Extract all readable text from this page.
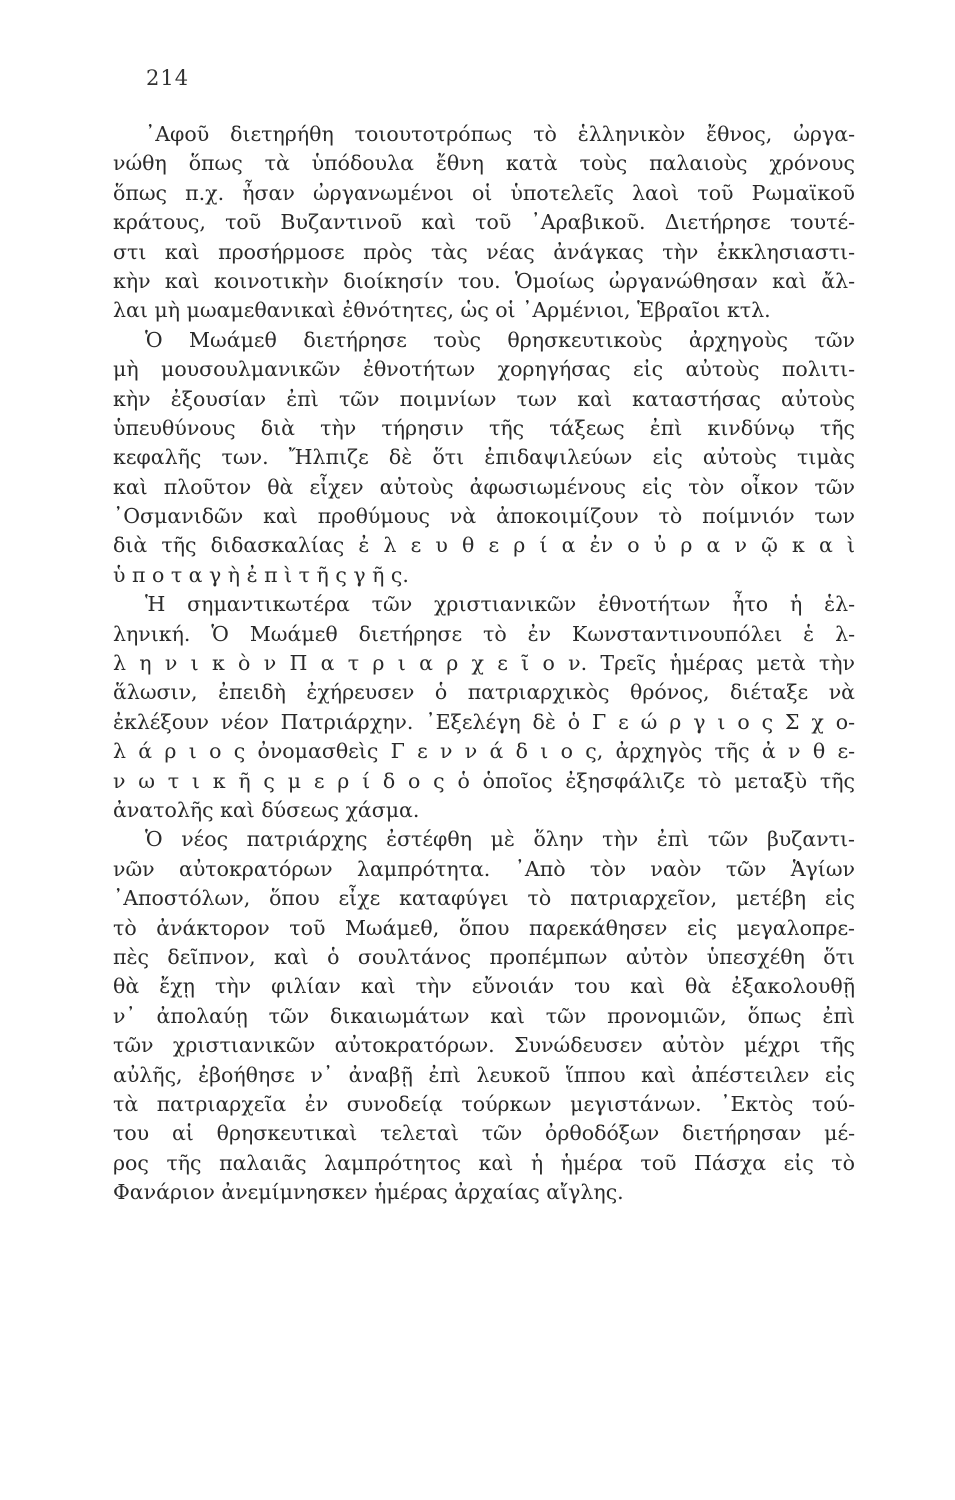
214
᾿Αφοῦ διετηρήθη τοιουτοτρόπως τὸ ἑλληνικὸν ἔθνος, ὠργα-
νώθη ὅπως τὰ ὑπόδουλα ἔθνη κατὰ τοὺς παλαιοὺς χρόνους
ὅπως π.χ. ἦσαν ὠργανωμένοι οἱ ὑποτελεῖς λαοὶ τοῦ Ρωμαϊκοῦ
κράτους, τοῦ Βυζαντινοῦ καὶ τοῦ ᾿Αραβικοῦ. Διετήρησε τουτέ-
στι καὶ προσήρμοσε πρὸς τὰς νέας ἀνάγκας τὴν ἐκκλησιαστι-
κὴν καὶ κοινοτικὴν διοίκησίν του. Ὁμοίως ὠργανώθησαν καὶ ἄλ-
λαι μὴ μωαμεθανικαὶ ἐθνότητες, ὡς οἱ ᾿Αρμένιοι, Ἑβραῖοι κτλ.
Ὁ Μωάμεθ διετήρησε τοὺς θρησκευτικοὺς ἀρχηγοὺς τῶν
μὴ μουσουλμανικῶν ἐθνοτήτων χορηγήσας εἰς αὐτοὺς πολιτι-
κὴν ἐξουσίαν ἐπὶ τῶν ποιμνίων των καὶ καταστήσας αὐτοὺς
ὑπευθύνους διὰ τὴν τήρησιν τῆς τάξεως ἐπὶ κινδύνῳ τῆς
κεφαλῆς των. Ἤλπιζε δὲ ὅτι ἐπιδαψιλεύων εἰς αὐτοὺς τιμὰς
καὶ πλοῦτον θὰ εἶχεν αὐτοὺς ἀφωσιωμένους εἰς τὸν οἶκον τῶν
᾿Οσμανιδῶν καὶ προθύμους νὰ ἀποκοιμίζουν τὸ ποίμνιόν των
διὰ τῆς διδασκαλίας ἐ λ ε υ θ ε ρ ί α ἐν ο ὐ ρ α ν ῷ κ α ὶ
ὑ π ο τ α γ ὴ ἐ π ὶ τ ῆ ς γ ῆ ς.
Ἡ σημαντικωτέρα τῶν χριστιανικῶν ἐθνοτήτων ἦτο ἡ ἑλ-
ληνική. Ὁ Μωάμεθ διετήρησε τὸ ἐν Κωνσταντινουπόλει ἑ λ-
λ η ν ι κ ὸ ν Π α τ ρ ι α ρ χ ε ῖ ο ν. Τρεῖς ἡμέρας μετὰ τὴν
ἅλωσιν, ἐπειδὴ ἐχήρευσεν ὁ πατριαρχικὸς θρόνος, διέταξε νὰ
ἐκλέξουν νέον Πατριάρχην. ᾿Εξελέγη δὲ ὁ Γ ε ώ ρ γ ι ο ς Σ χ ο-
λ ά ρ ι ο ς ὀνομασθεὶς Γ ε ν ν ά δ ι ο ς, ἀρχηγὸς τῆς ἀ ν θ ε-
ν ω τ ι κ ῆ ς μ ε ρ ί δ ο ς ὁ ὁποῖος ἐξησφάλιζε τὸ μεταξὺ τῆς
ἀνατολῆς καὶ δύσεως χάσμα.
Ὁ νέος πατριάρχης ἐστέφθη μὲ ὅλην τὴν ἐπὶ τῶν βυζαντι-
νῶν αὐτοκρατόρων λαμπρότητα. ᾿Απὸ τὸν ναὸν τῶν Ἁγίων
᾿Αποστόλων, ὅπου εἶχε καταφύγει τὸ πατριαρχεῖον, μετέβη εἰς
τὸ ἀνάκτορον τοῦ Μωάμεθ, ὅπου παρεκάθησεν εἰς μεγαλοπρε-
πὲς δεῖπνον, καὶ ὁ σουλτάνος προπέμπων αὐτὸν ὑπεσχέθη ὅτι
θὰ ἔχῃ τὴν φιλίαν καὶ τὴν εὔνοιάν του καὶ θὰ ἐξακολουθῇ
ν᾿ ἀπολαύῃ τῶν δικαιωμάτων καὶ τῶν προνομιῶν, ὅπως ἐπὶ
τῶν χριστιανικῶν αὐτοκρατόρων. Συνώδευσεν αὐτὸν μέχρι τῆς
αὐλῆς, ἐβοήθησε ν᾿ ἀναβῇ ἐπὶ λευκοῦ ἵππου καὶ ἀπέστειλεν εἰς
τὰ πατριαρχεῖα ἐν συνοδείᾳ τούρκων μεγιστάνων. ᾿Εκτὸς τού-
του αἱ θρησκευτικαὶ τελεταὶ τῶν ὀρθοδόξων διετήρησαν μέ-
ρος τῆς παλαιᾶς λαμπρότητος καὶ ἡ ἡμέρα τοῦ Πάσχα εἰς τὸ
Φανάριον ἀνεμίμνησκεν ἡμέρας ἀρχαίας αἴγλης.
